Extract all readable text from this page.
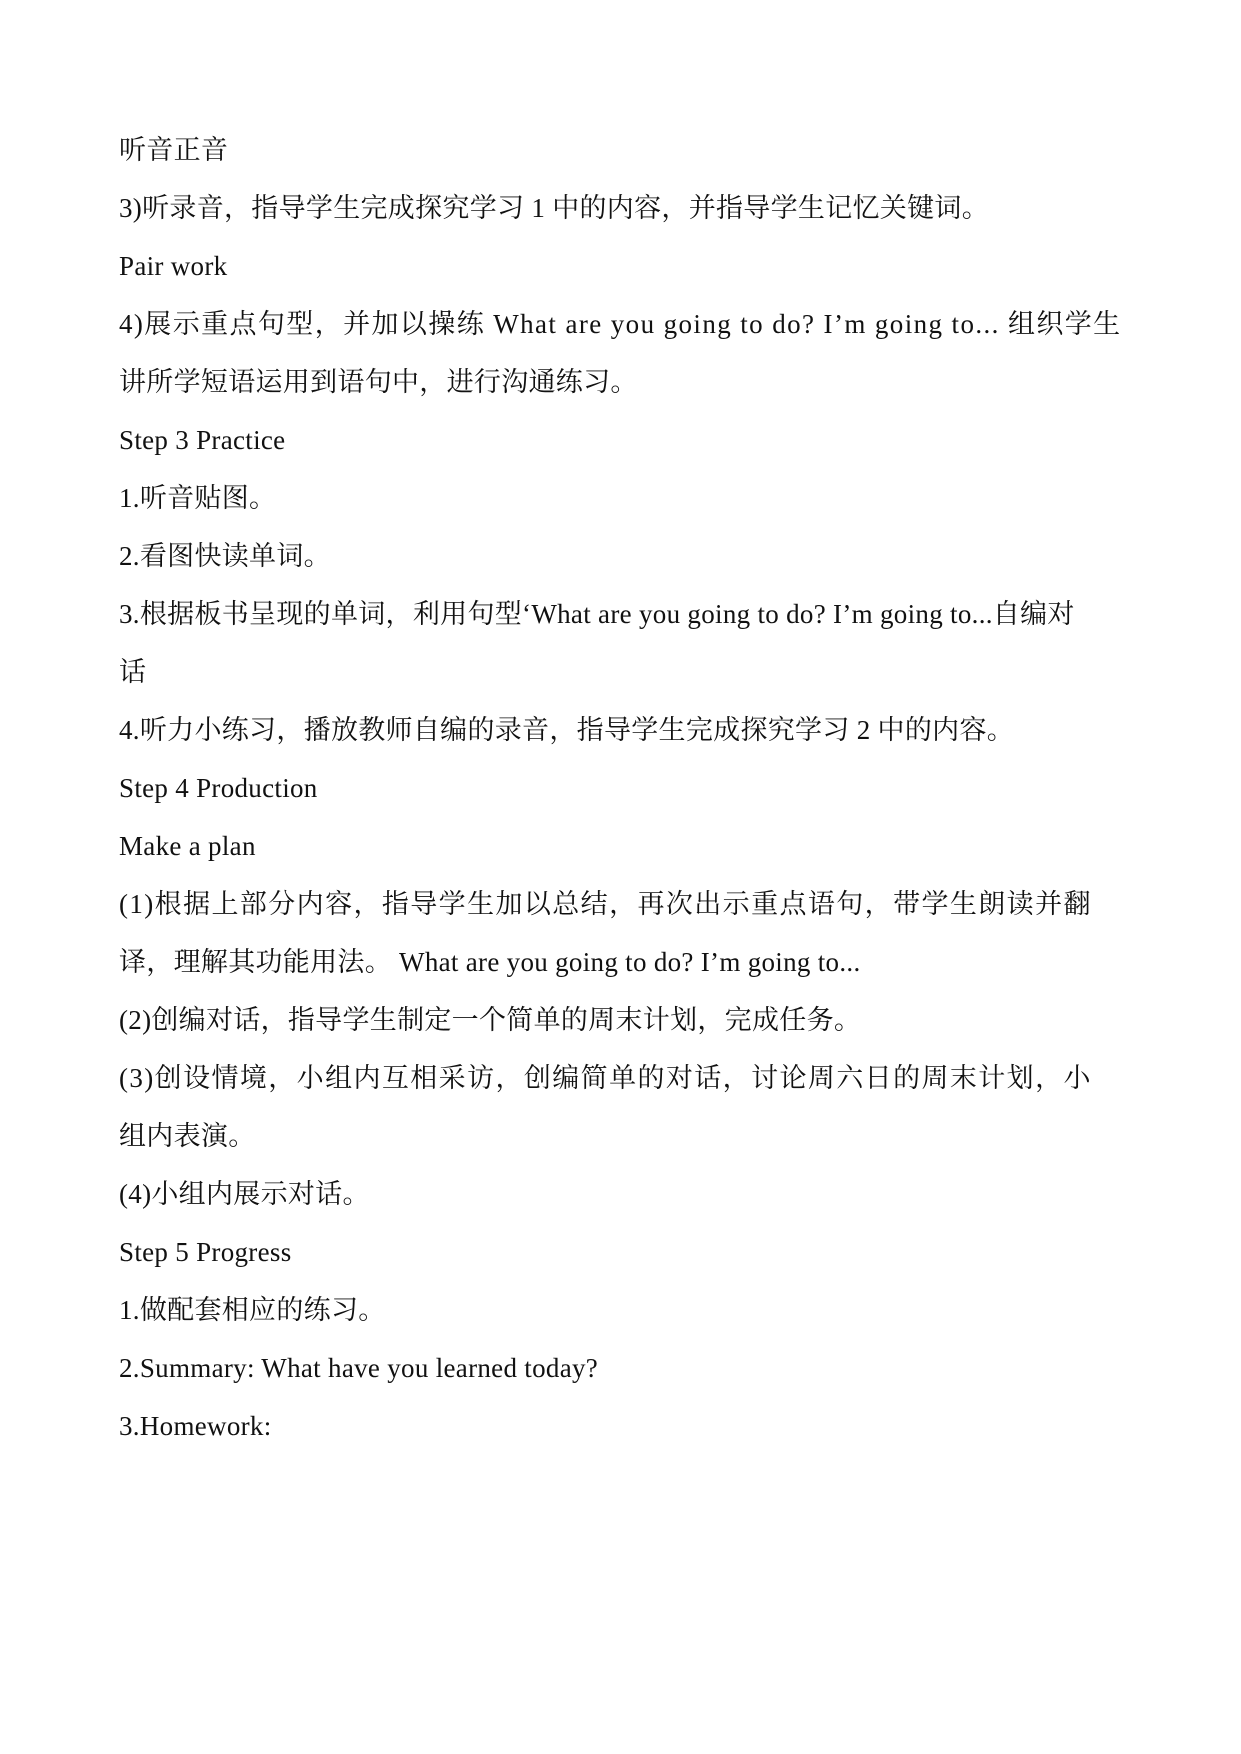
听音正音
3)听录音，指导学生完成探究学习 1 中的内容，并指导学生记忆关键词。
Pair work
4)展示重点句型，并加以操练 What are you going to do? I’m going to... 组织学生
讲所学短语运用到语句中，进行沟通练习。
Step 3 Practice
1.听音贴图。
2.看图快读单词。
3.根据板书呈现的单词，利用句型‘What are you going to do? I’m going to...自编对
话
4.听力小练习，播放教师自编的录音，指导学生完成探究学习 2 中的内容。
Step 4 Production
Make a plan
(1)根据上部分内容，指导学生加以总结，再次出示重点语句，带学生朗读并翻
译，理解其功能用法。 What are you going to do? I’m going to...
(2)创编对话，指导学生制定一个简单的周末计划，完成任务。
(3)创设情境，小组内互相采访，创编简单的对话，讨论周六日的周末计划，小
组内表演。
(4)小组内展示对话。
Step 5 Progress
1.做配套相应的练习。
2.Summary: What have you learned today?
3.Homework:
